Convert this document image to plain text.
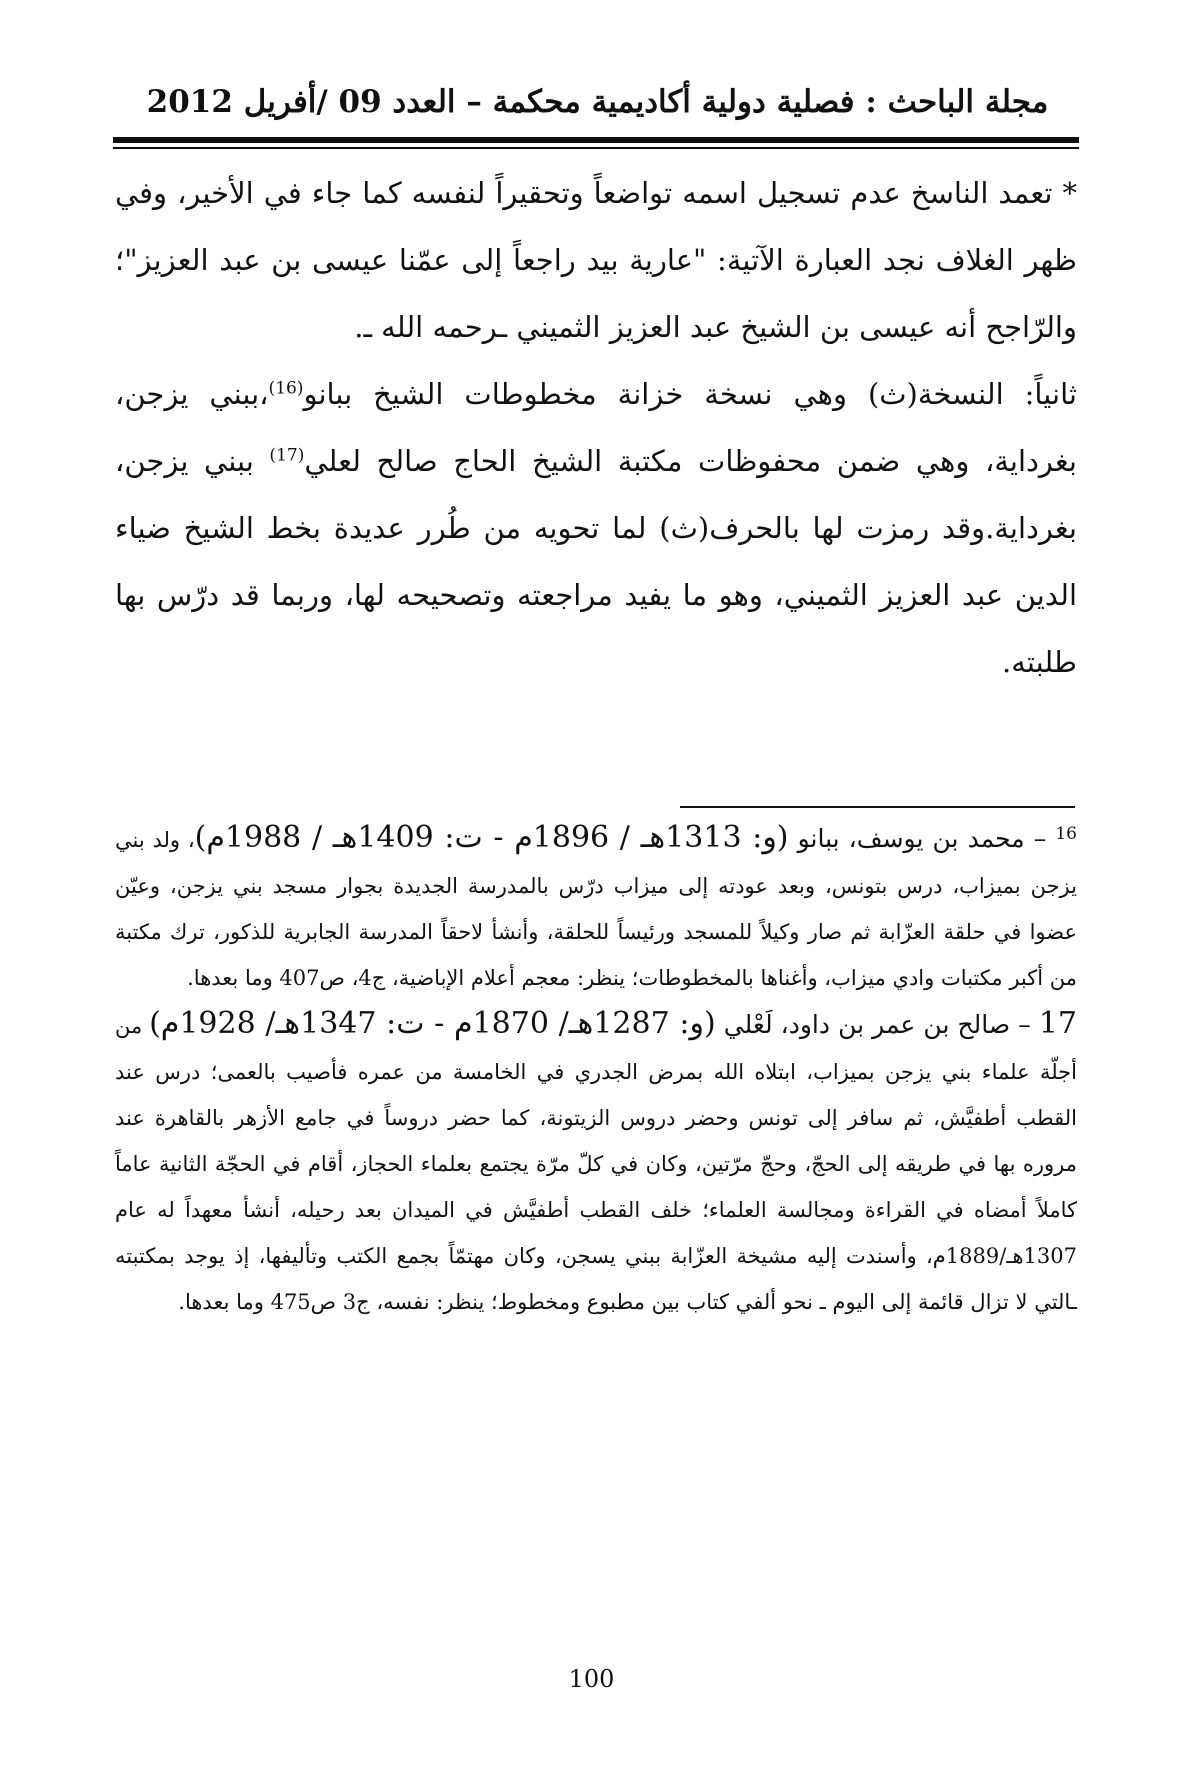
مجلة الباحث : فصلية دولية أكاديمية محكمة – العدد 09 /أفريل 2012

* تعمد الناسخ عدم تسجيل اسمه تواضعاً وتحقيراً لنفسه كما جاء في الأخير، وفي ظهر الغلاف نجد العبارة الآتية: "عارية بيد راجعاً إلى عمّنا عيسى بن عبد العزيز"؛ والرّاجح أنه عيسى بن الشيخ عبد العزيز الثميني ـرحمه الله ـ.

ثانياً: النسخة(ث) وهي نسخة خزانة مخطوطات الشيخ ببانو$^{(16)}$،ببني يزجن، بغرداية، وهي ضمن محفوظات مكتبة الشيخ الحاج صالح لعلي$^{(17)}$ ببني يزجن، بغرداية.وقد رمزت لها بالحرف(ث) لما تحويه من طُرر عديدة بخط الشيخ ضياء الدين عبد العزيز الثميني، وهو ما يفيد مراجعته وتصحيحه لها، وربما قد درّس بها طلبته.

$^{16}$ – محمد بن يوسف، ببانو (و: 1313هـ / 1896م - ت: 1409هـ / 1988م)، ولد بني يزجن بميزاب، درس بتونس، وبعد عودته إلى ميزاب درّس بالمدرسة الجديدة بجوار مسجد بني يزجن، وعيّن عضوا في حلقة العزّابة ثم صار وكيلاً للمسجد ورئيساً للحلقة، وأنشأ لاحقاً المدرسة الجابرية للذكور، ترك مكتبة من أكبر مكتبات وادي ميزاب، وأغناها بالمخطوطات؛ ينظر: معجم أعلام الإباضية، ج4، ص407 وما بعدها.

17 – صالح بن عمر بن داود، لَعْلي (و: 1287هـ/ 1870م - ت: 1347هـ/ 1928م) من أجلّة علماء بني يزجن بميزاب، ابتلاه الله بمرض الجدري في الخامسة من عمره فأصيب بالعمى؛ درس عند القطب أطفيَّش، ثم سافر إلى تونس وحضر دروس الزيتونة، كما حضر دروساً في جامع الأزهر بالقاهرة عند مروره بها في طريقه إلى الحجّ، وحجّ مرّتين، وكان في كلّ مرّة يجتمع بعلماء الحجاز، أقام في الحجّة الثانية عاماً كاملاً أمضاه في القراءة ومجالسة العلماء؛ خلف القطب أطفيَّش في الميدان بعد رحيله، أنشأ معهداً له عام 1307هـ/1889م، وأسندت إليه مشيخة العزّابة ببني يسجن، وكان مهتمّاً بجمع الكتب وتأليفها، إذ يوجد بمكتبته ـالتي لا تزال قائمة إلى اليوم ـ نحو ألفي كتاب بين مطبوع ومخطوط؛ ينظر: نفسه، ج3 ص475 وما بعدها.

100
